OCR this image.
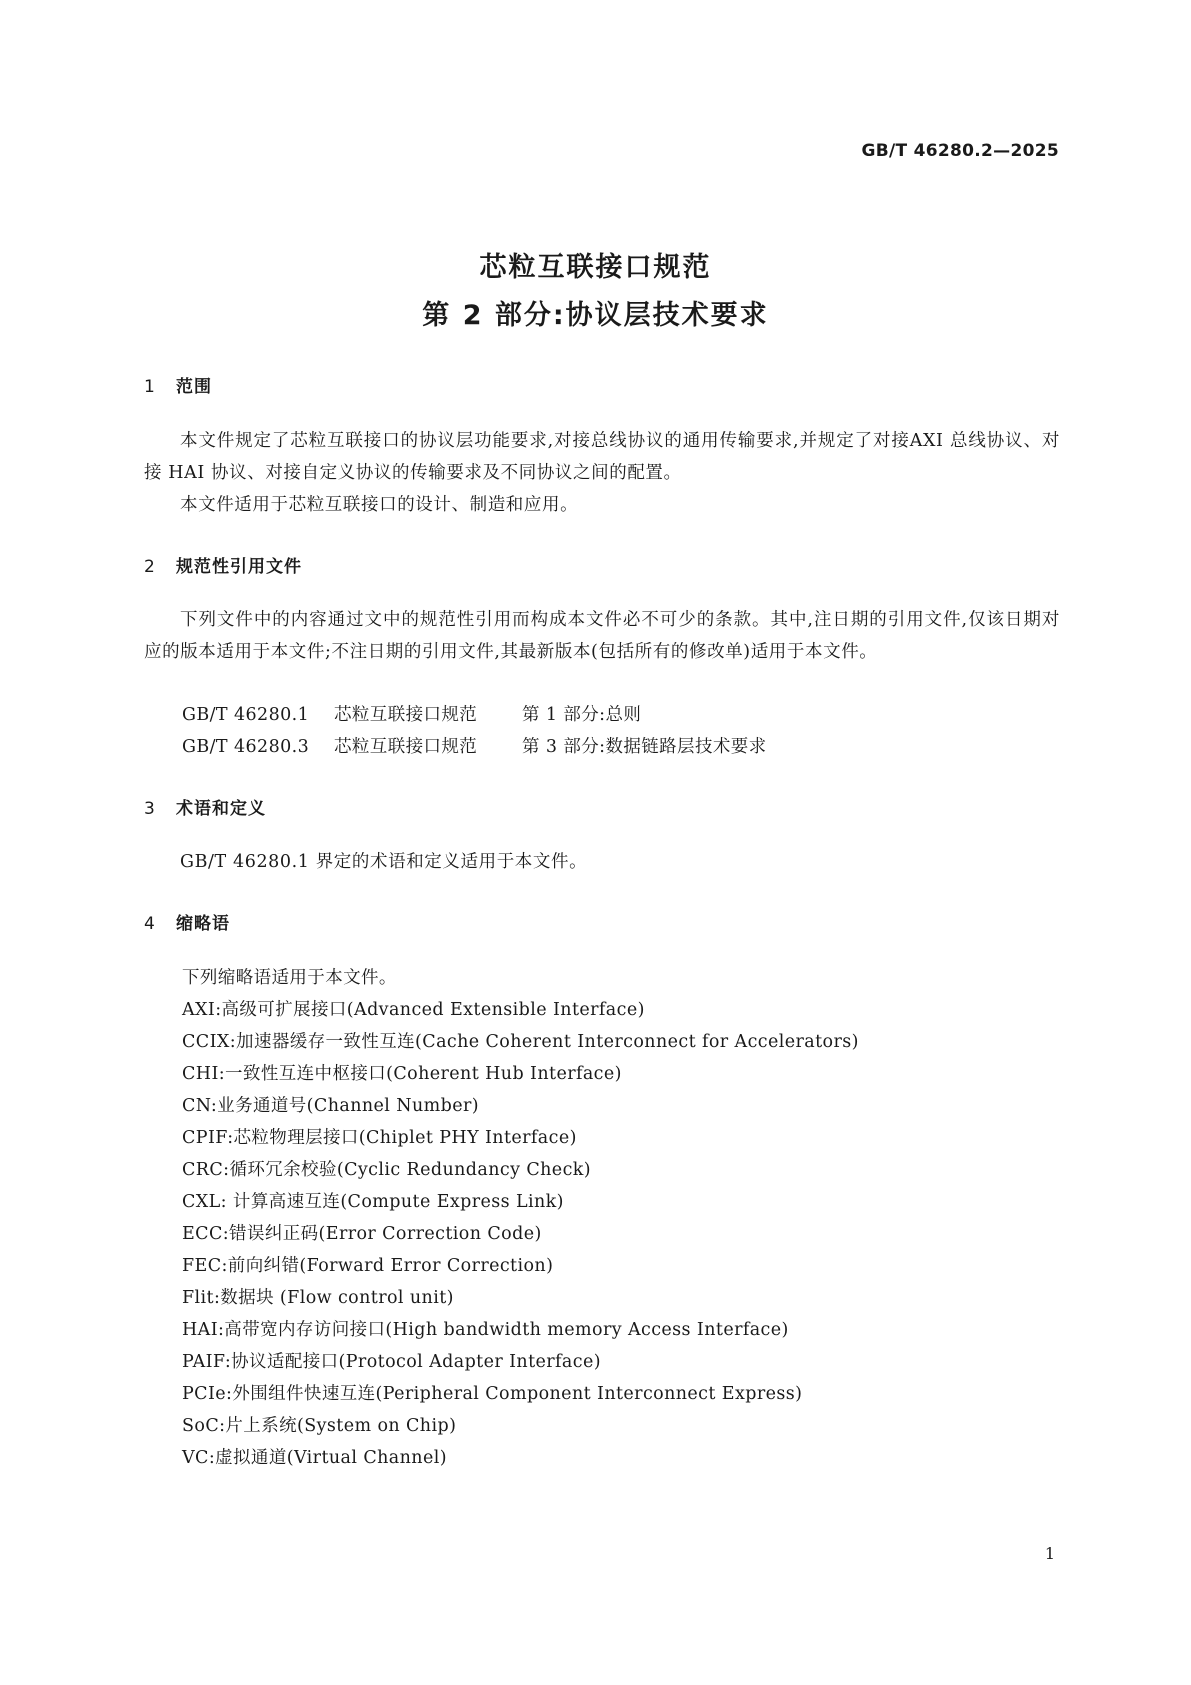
GB/T 46280.2—2025
芯粒互联接口规范
第 2 部分:协议层技术要求
1 范围
本文件规定了芯粒互联接口的协议层功能要求,对接总线协议的通用传输要求,并规定了对接AXI 总线协议、对接 HAI 协议、对接自定义协议的传输要求及不同协议之间的配置。
本文件适用于芯粒互联接口的设计、制造和应用。
2 规范性引用文件
下列文件中的内容通过文中的规范性引用而构成本文件必不可少的条款。其中,注日期的引用文件,仅该日期对应的版本适用于本文件;不注日期的引用文件,其最新版本(包括所有的修改单)适用于本文件。
GB/T 46280.1 芯粒互联接口规范	第 1 部分:总则
GB/T 46280.3 芯粒互联接口规范	第 3 部分:数据链路层技术要求
3 术语和定义
GB/T 46280.1 界定的术语和定义适用于本文件。
4 缩略语
下列缩略语适用于本文件。
AXI:高级可扩展接口(Advanced Extensible Interface)
CCIX:加速器缓存一致性互连(Cache Coherent Interconnect for Accelerators)
CHI:一致性互连中枢接口(Coherent Hub Interface)
CN:业务通道号(Channel Number)
CPIF:芯粒物理层接口(Chiplet PHY Interface)
CRC:循环冗余校验(Cyclic Redundancy Check)
CXL: 计算高速互连(Compute Express Link)
ECC:错误纠正码(Error Correction Code)
FEC:前向纠错(Forward Error Correction)
Flit:数据块 (Flow control unit)
HAI:高带宽内存访问接口(High bandwidth memory Access Interface)
PAIF:协议适配接口(Protocol Adapter Interface)
PCIe:外围组件快速互连(Peripheral Component Interconnect Express)
SoC:片上系统(System on Chip)
VC:虚拟通道(Virtual Channel)
1
